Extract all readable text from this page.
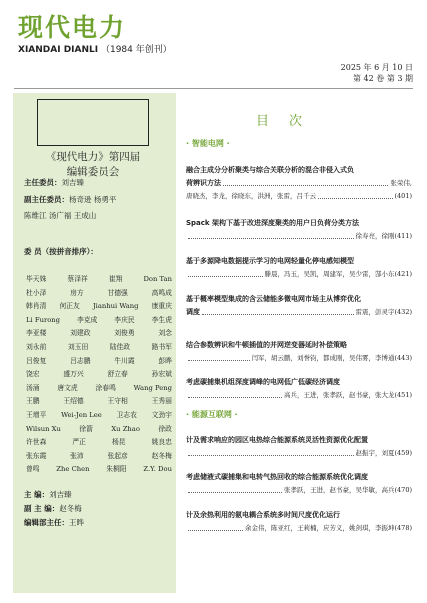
现代电力
XIANDAI DIANLI （1984 年创刊）
2025 年 6 月 10 日
第 42 卷 第 3 期
《现代电力》第四届
编辑委员会
主任委员：刘吉臻
副主任委员：杨奇逊 杨勇平
陈维江 汤广福 王成山
委 员（按拼音排序）：
毕天姝	蔡泽祥	崔翔	Don Tan
杜小泽	房方	甘德强	高鸣成
韩肖清 何正友 Jianhui Wang 康重庆
Li Furong 李克成 李庆民 李生虎
李亚楼	刘建政	刘俊勇	刘念
刘永前	刘玉田	陆佳政	路书军
吕俊复	吕志鹏	牛川霞	彭晔
饶宏	盛万兴	舒立春	孙宏斌
汤涌	唐文虎	涂春鸣	Wang Peng
王鹏	王绍德	王守相	王秀丽
王增平 Wei-Jen Lee 卫志农 文劲宇
Wilsun Xu	徐箭	Xu Zhao	徐政
许世森	严正	杨昆	姚良忠
张东霞	张沛	张起彦	赵冬梅
曾鸣 Zhe Chen 朱桐阳 Z.Y. Dou
主 编：刘吉臻
副 主 编：赵冬梅
编辑部主任：王晔
目次
· 智能电网 ·
融合主成分分析聚类与综合关联分析的混合非侵入式负
荷辨识方法	张荣伟,
唐晓杰，李龙，徐晓东，洪洲，张雷，吕千云	(401)
Spack 架构下基于改进深度聚类的用户日负荷分类方法
徐寿亮，徐刚 (411)
基于多源降电数据提示学习的电网轻量化停电感知模型
滕晨，冯玉，吴凯，周建军，吴少雷，郜小东 (421)
基于概率模型集成的含云储能多微电网市场主从博弈优化
调度	雷震，彭灵宇 (432)
结合参数辨识和牛顿插值的并网逆变器延时补偿策略
闫军，胡云鹏，刘誉钧，都成刚，吴伟雾，李博通 (443)
考虑碳捕集机组深度调峰的电网低广低碳经济调度
高兵，王进，张孝跃，赵书豪，张大龙 (451)
· 能源互联网 ·
计及需求响应的园区电热综合能源系统灵活性资源优化配置
赵振宇，刘夏 (459)
考虑储液式碳捕集和电转气热回收的综合能源系统优化调度
张孝跃，王进，赵书豪，吴华敏，高兵 (470)
计及余热利用的氨电耦合系统多时间尺度优化运行
余金伟，陈亚红，王莉楠，应芳义，姚剑琪，李振坤 (478)
